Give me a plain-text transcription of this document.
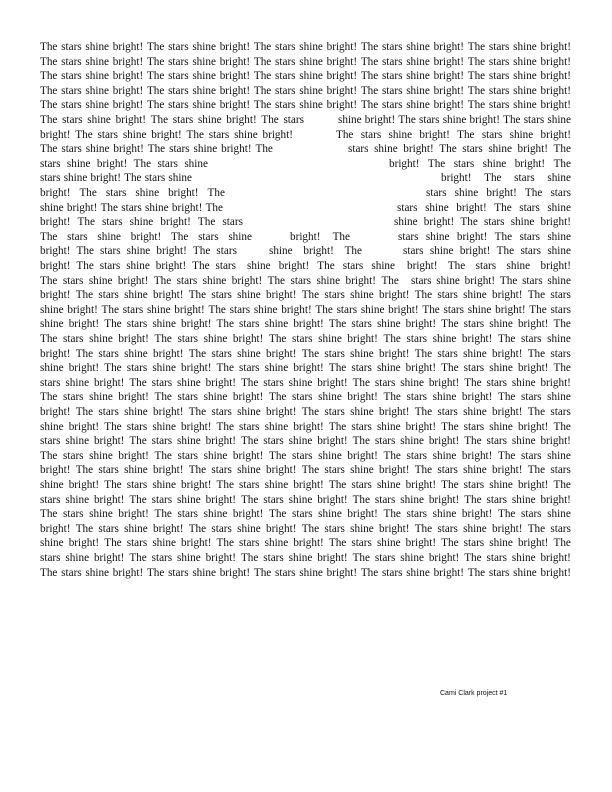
The stars shine bright! The stars shine bright! The stars shine bright! The stars shine bright! The stars shine bright!
The stars shine bright! The stars shine bright! The stars shine bright! The stars shine bright! The stars shine bright!
The stars shine bright! The stars shine bright! The stars shine bright! The stars shine bright! The stars shine bright!
The stars shine bright! The stars shine bright! The stars shine bright! The stars shine bright! The stars shine bright!
The stars shine bright! The stars shine bright! The stars shine bright! The stars shine bright! The stars shine bright!
The stars shine bright! The stars shine bright! The stars	shine bright! The stars shine bright! The stars shine
bright! The stars shine bright! The stars shine bright!	The stars shine bright! The stars shine bright!
The stars shine bright! The stars shine bright! The	stars shine bright! The stars shine bright! The
stars shine bright! The stars shine	bright! The stars shine bright! The
stars shine bright! The stars shine	bright! The stars shine
bright! The stars shine bright! The	stars shine bright! The stars
shine bright! The stars shine bright! The	stars shine bright! The stars shine
bright! The stars shine bright! The stars	shine bright! The stars shine bright!
The stars shine bright! The stars shine	bright! The	stars shine bright! The stars shine
bright! The stars shine bright! The stars	shine bright! The	stars shine bright! The stars shine
bright! The stars shine bright! The stars shine bright! The stars shine bright! The stars shine bright!
The stars shine bright! The stars shine bright! The stars shine bright! The stars shine bright! The stars shine
bright! The stars shine bright! The stars shine bright! The stars shine bright! The stars shine bright! The stars
shine bright! The stars shine bright! The stars shine bright! The stars shine bright! The stars shine bright! The stars
shine bright! The stars shine bright! The stars shine bright! The stars shine bright! The stars shine bright! The
The stars shine bright! The stars shine bright! The stars shine bright! The stars shine bright! The stars shine
bright! The stars shine bright! The stars shine bright! The stars shine bright! The stars shine bright! The stars
shine bright! The stars shine bright! The stars shine bright! The stars shine bright! The stars shine bright! The
stars shine bright! The stars shine bright! The stars shine bright! The stars shine bright! The stars shine bright!
The stars shine bright! The stars shine bright! The stars shine bright! The stars shine bright! The stars shine
bright! The stars shine bright! The stars shine bright! The stars shine bright! The stars shine bright! The stars
shine bright! The stars shine bright! The stars shine bright! The stars shine bright! The stars shine bright! The
stars shine bright! The stars shine bright! The stars shine bright! The stars shine bright! The stars shine bright!
The stars shine bright! The stars shine bright! The stars shine bright! The stars shine bright! The stars shine
bright! The stars shine bright! The stars shine bright! The stars shine bright! The stars shine bright! The stars
shine bright! The stars shine bright! The stars shine bright! The stars shine bright! The stars shine bright! The
stars shine bright! The stars shine bright! The stars shine bright! The stars shine bright! The stars shine bright!
The stars shine bright! The stars shine bright! The stars shine bright! The stars shine bright! The stars shine
bright! The stars shine bright! The stars shine bright! The stars shine bright! The stars shine bright! The stars
shine bright! The stars shine bright! The stars shine bright! The stars shine bright! The stars shine bright! The
stars shine bright! The stars shine bright! The stars shine bright! The stars shine bright! The stars shine bright!
The stars shine bright! The stars shine bright! The stars shine bright! The stars shine bright! The stars shine bright!
Cami Clark project #1
